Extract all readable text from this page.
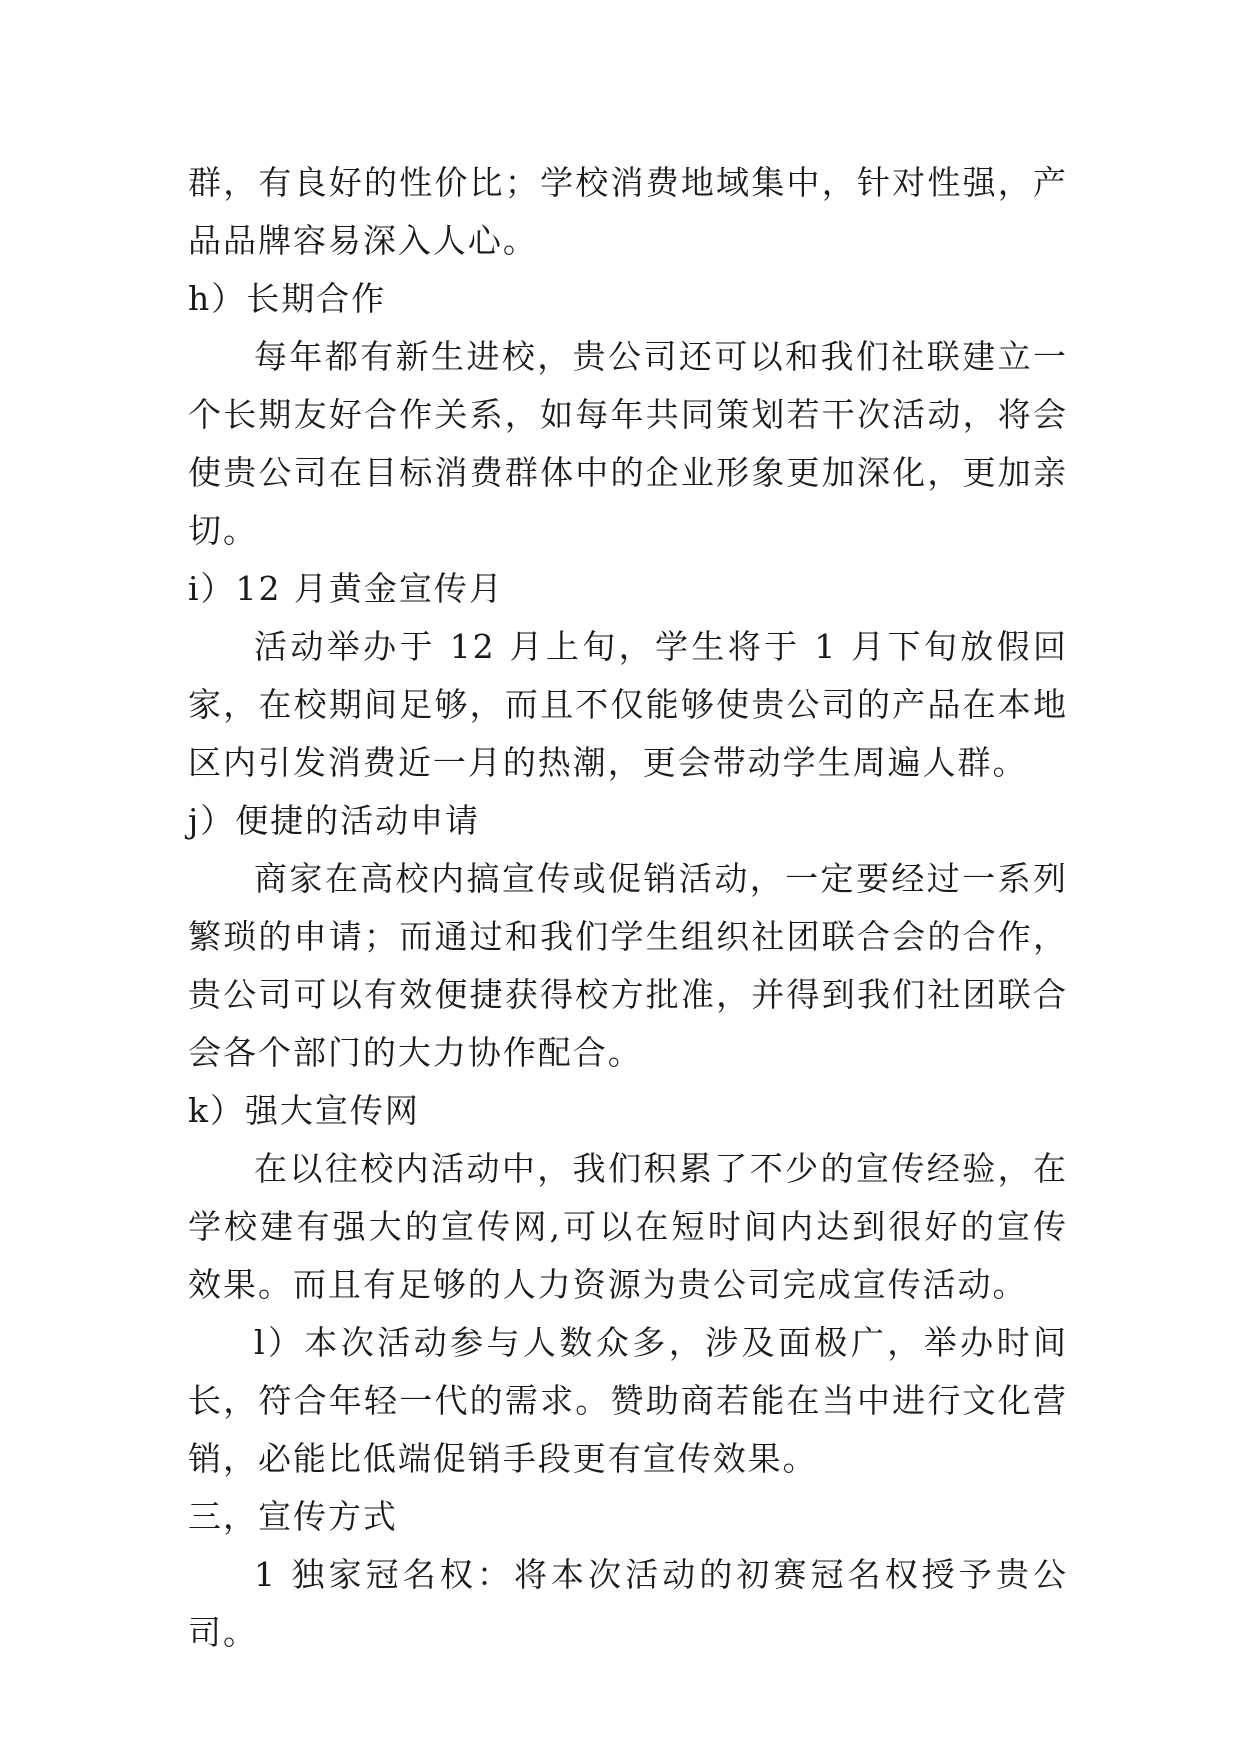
群，有良好的性价比；学校消费地域集中，针对性强，产品品牌容易深入人心。

h）长期合作

每年都有新生进校，贵公司还可以和我们社联建立一个长期友好合作关系，如每年共同策划若干次活动，将会使贵公司在目标消费群体中的企业形象更加深化，更加亲切。

i）12 月黄金宣传月

活动举办于 12 月上旬，学生将于 1 月下旬放假回家，在校期间足够，而且不仅能够使贵公司的产品在本地区内引发消费近一月的热潮，更会带动学生周遍人群。

j）便捷的活动申请

商家在高校内搞宣传或促销活动，一定要经过一系列繁琐的申请；而通过和我们学生组织社团联合会的合作，贵公司可以有效便捷获得校方批准，并得到我们社团联合会各个部门的大力协作配合。

k）强大宣传网

在以往校内活动中，我们积累了不少的宣传经验，在学校建有强大的宣传网,可以在短时间内达到很好的宣传效果。而且有足够的人力资源为贵公司完成宣传活动。

l）本次活动参与人数众多，涉及面极广，举办时间长，符合年轻一代的需求。赞助商若能在当中进行文化营销，必能比低端促销手段更有宣传效果。

三，宣传方式

1 独家冠名权：将本次活动的初赛冠名权授予贵公司。
